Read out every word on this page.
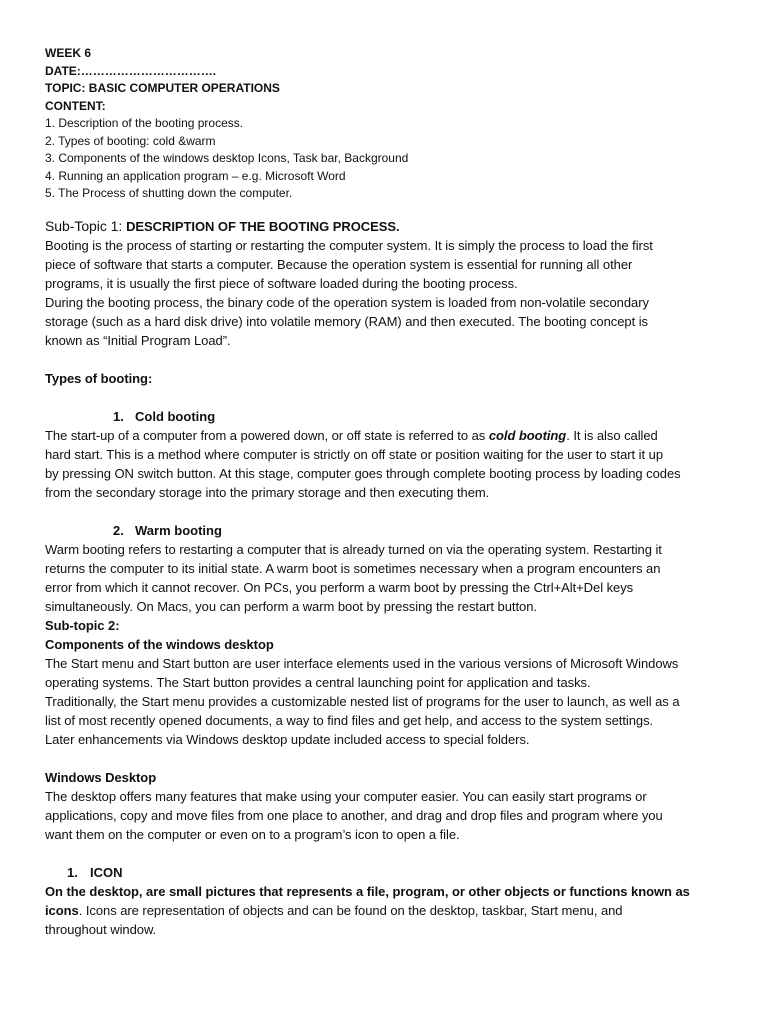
WEEK 6

DATE:…………………………….

TOPIC: BASIC COMPUTER OPERATIONS

CONTENT:

1. Description of the booting process.

2. Types of booting: cold &warm

3. Components of the windows desktop Icons, Task bar, Background

4. Running an application program – e.g. Microsoft Word

5. The Process of shutting down the computer.

Sub-Topic 1: DESCRIPTION OF THE BOOTING PROCESS.

Booting is the process of starting or restarting the computer system. It is simply the process to load the first

piece of software that starts a computer. Because the operation system is essential for running all other

programs, it is usually the first piece of software loaded during the booting process.

During the booting process, the binary code of the operation system is loaded from non-volatile secondary

storage (such as a hard disk drive) into volatile memory (RAM) and then executed. The booting concept is

known as “Initial Program Load”.

Types of booting:

1. Cold booting

The start-up of a computer from a powered down, or off state is referred to as cold booting. It is also called

hard start. This is a method where computer is strictly on off state or position waiting for the user to start it up

by pressing ON switch button. At this stage, computer goes through complete booting process by loading codes

from the secondary storage into the primary storage and then executing them.

2. Warm booting

Warm booting refers to restarting a computer that is already turned on via the operating system. Restarting it

returns the computer to its initial state. A warm boot is sometimes necessary when a program encounters an

error from which it cannot recover. On PCs, you perform a warm boot by pressing the Ctrl+Alt+Del keys

simultaneously. On Macs, you can perform a warm boot by pressing the restart button.

Sub-topic 2:

Components of the windows desktop

The Start menu and Start button are user interface elements used in the various versions of Microsoft Windows

operating systems. The Start button provides a central launching point for application and tasks.

Traditionally, the Start menu provides a customizable nested list of programs for the user to launch, as well as a

list of most recently opened documents, a way to find files and get help, and access to the system settings.

Later enhancements via Windows desktop update included access to special folders.

Windows Desktop

The desktop offers many features that make using your computer easier. You can easily start programs or

applications, copy and move files from one place to another, and drag and drop files and program where you

want them on the computer or even on to a program’s icon to open a file.

1. ICON

On the desktop, are small pictures that represents a file, program, or other objects or functions known as

icons. Icons are representation of objects and can be found on the desktop, taskbar, Start menu, and

throughout window.
